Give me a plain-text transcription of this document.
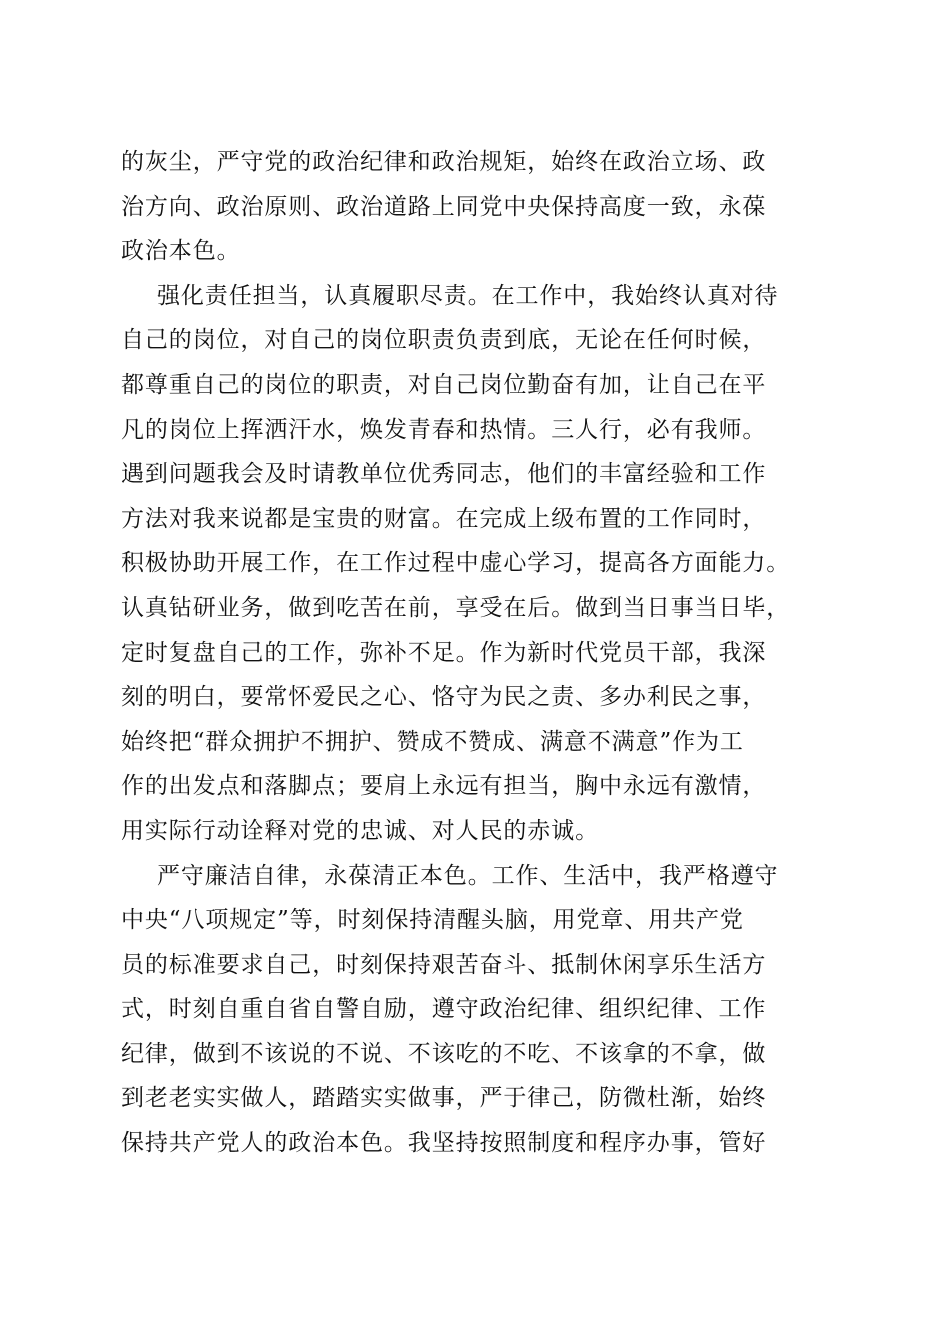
的灰尘，严守党的政治纪律和政治规矩，始终在政治立场、政
治方向、政治原则、政治道路上同党中央保持高度一致，永葆
政治本色。
强化责任担当，认真履职尽责。在工作中，我始终认真对待
自己的岗位，对自己的岗位职责负责到底，无论在任何时候，
都尊重自己的岗位的职责，对自己岗位勤奋有加，让自己在平
凡的岗位上挥洒汗水，焕发青春和热情。三人行，必有我师。
遇到问题我会及时请教单位优秀同志，他们的丰富经验和工作
方法对我来说都是宝贵的财富。在完成上级布置的工作同时，
积极协助开展工作，在工作过程中虚心学习，提高各方面能力。
认真钻研业务，做到吃苦在前，享受在后。做到当日事当日毕，
定时复盘自己的工作，弥补不足。作为新时代党员干部，我深
刻的明白，要常怀爱民之心、恪守为民之责、多办利民之事，
始终把“群众拥护不拥护、赞成不赞成、满意不满意”作为工
作的出发点和落脚点；要肩上永远有担当，胸中永远有激情，
用实际行动诠释对党的忠诚、对人民的赤诚。
严守廉洁自律，永葆清正本色。工作、生活中，我严格遵守
中央“八项规定”等，时刻保持清醒头脑，用党章、用共产党
员的标准要求自己，时刻保持艰苦奋斗、抵制休闲享乐生活方
式，时刻自重自省自警自励，遵守政治纪律、组织纪律、工作
纪律，做到不该说的不说、不该吃的不吃、不该拿的不拿，做
到老老实实做人，踏踏实实做事，严于律己，防微杜渐，始终
保持共产党人的政治本色。我坚持按照制度和程序办事，管好
